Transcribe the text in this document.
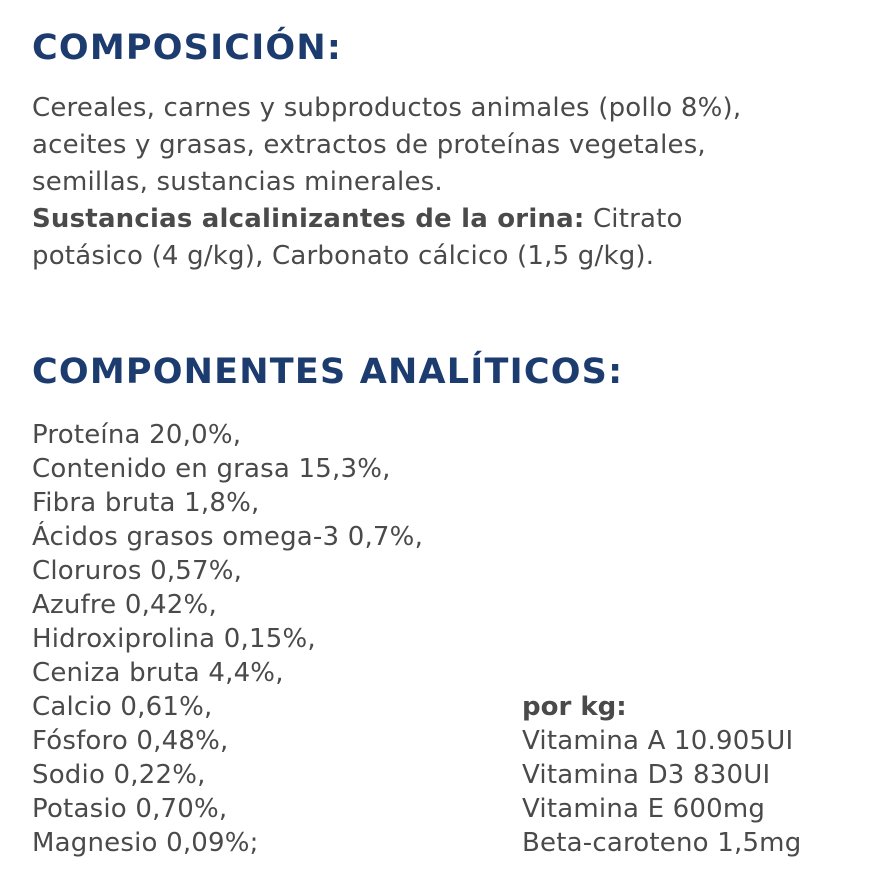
COMPOSICIÓN:

Cereales, carnes y subproductos animales (pollo 8%),
aceites y grasas, extractos de proteínas vegetales,
semillas, sustancias minerales.
Sustancias alcalinizantes de la orina: Citrato
potásico (4 g/kg), Carbonato cálcico (1,5 g/kg).

COMPONENTES ANALÍTICOS:
Proteína 20,0%,
Contenido en grasa 15,3%,
Fibra bruta 1,8%,
Ácidos grasos omega-3 0,7%,
Cloruros 0,57%,
Azufre 0,42%,
Hidroxiprolina 0,15%,
Ceniza bruta 4,4%,
Calcio 0,61%,
Fósforo 0,48%,
Sodio 0,22%,
Potasio 0,70%,
Magnesio 0,09%;
por kg:
Vitamina A 10.905UI
Vitamina D3 830UI
Vitamina E 600mg
Beta-caroteno 1,5mg
